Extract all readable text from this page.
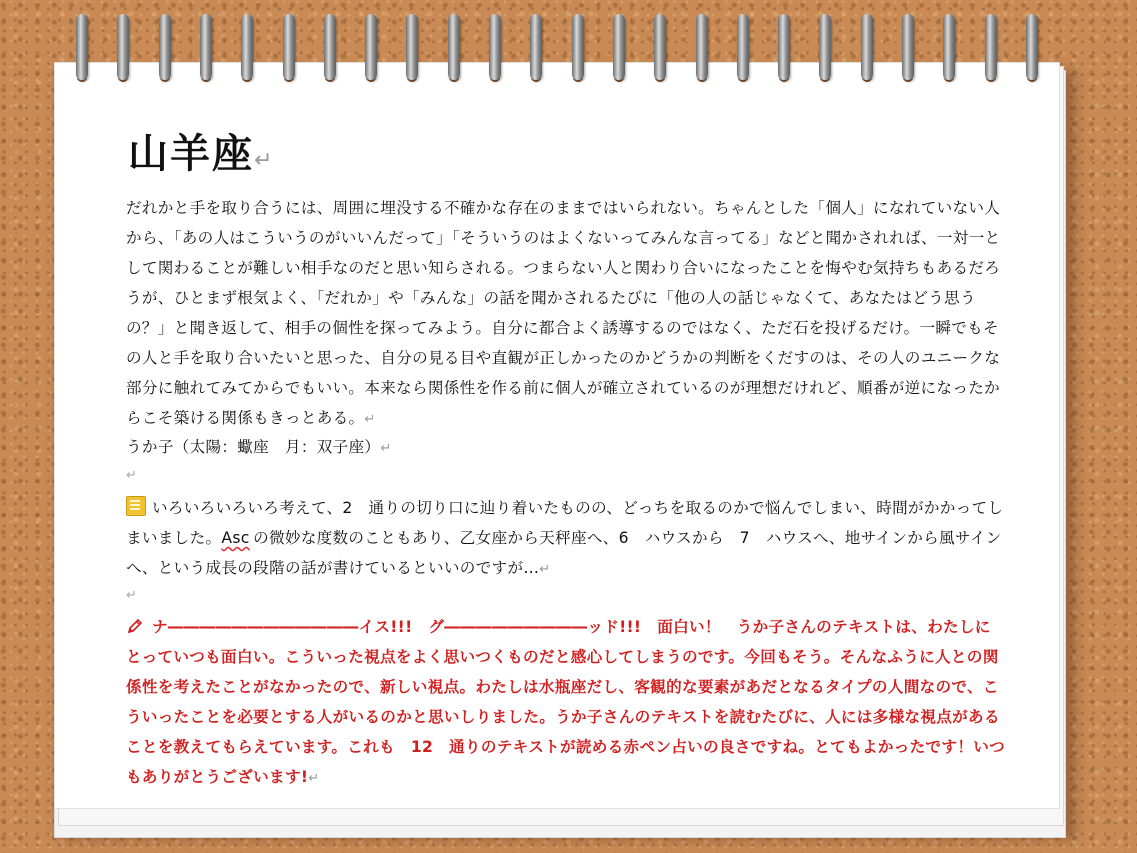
山羊座↵
だれかと手を取り合うには、周囲に埋没する不確かな存在のままではいられない。ちゃんとした「個人」になれていない人から、「あの人はこういうのがいいんだって」「そういうのはよくないってみんな言ってる」などと聞かされれば、一対一として関わることが難しい相手なのだと思い知らされる。つまらない人と関わり合いになったことを悔やむ気持ちもあるだろうが、ひとまず根気よく、「だれか」や「みんな」の話を聞かされるたびに「他の人の話じゃなくて、あなたはどう思うの？」と聞き返して、相手の個性を探ってみよう。自分に都合よく誘導するのではなく、ただ石を投げるだけ。一瞬でもその人と手を取り合いたいと思った、自分の見る目や直観が正しかったのかどうかの判断をくだすのは、その人のユニークな部分に触れてみてからでもいい。本来なら関係性を作る前に個人が確立されているのが理想だけれど、順番が逆になったからこそ築ける関係もきっとある。↵
うか子（太陽：蠍座　月：双子座）↵
↵
いろいろいろいろ考えて、2　通りの切り口に辿り着いたものの、どっちを取るのかで悩んでしまい、時間がかかってしまいました。Asc  の微妙な度数のこともあり、乙女座から天秤座へ、6　ハウスから　7　ハウスへ、地サインから風サインへ、という成長の段階の話が書けているといいのですが…↵
↵
ナ――――――――――――イス!!!　グ―――――――――ッド!!!　面白い！　うか子さんのテキストは、わたしにとっていつも面白い。こういった視点をよく思いつくものだと感心してしまうのです。今回もそう。そんなふうに人との関係性を考えたことがなかったので、新しい視点。わたしは水瓶座だし、客観的な要素があだとなるタイプの人間なので、こういったことを必要とする人がいるのかと思いしりました。うか子さんのテキストを読むたびに、人には多様な視点があることを教えてもらえています。これも　12　通りのテキストが読める赤ペン占いの良さですね。とてもよかったです！いつもありがとうございます!↵
